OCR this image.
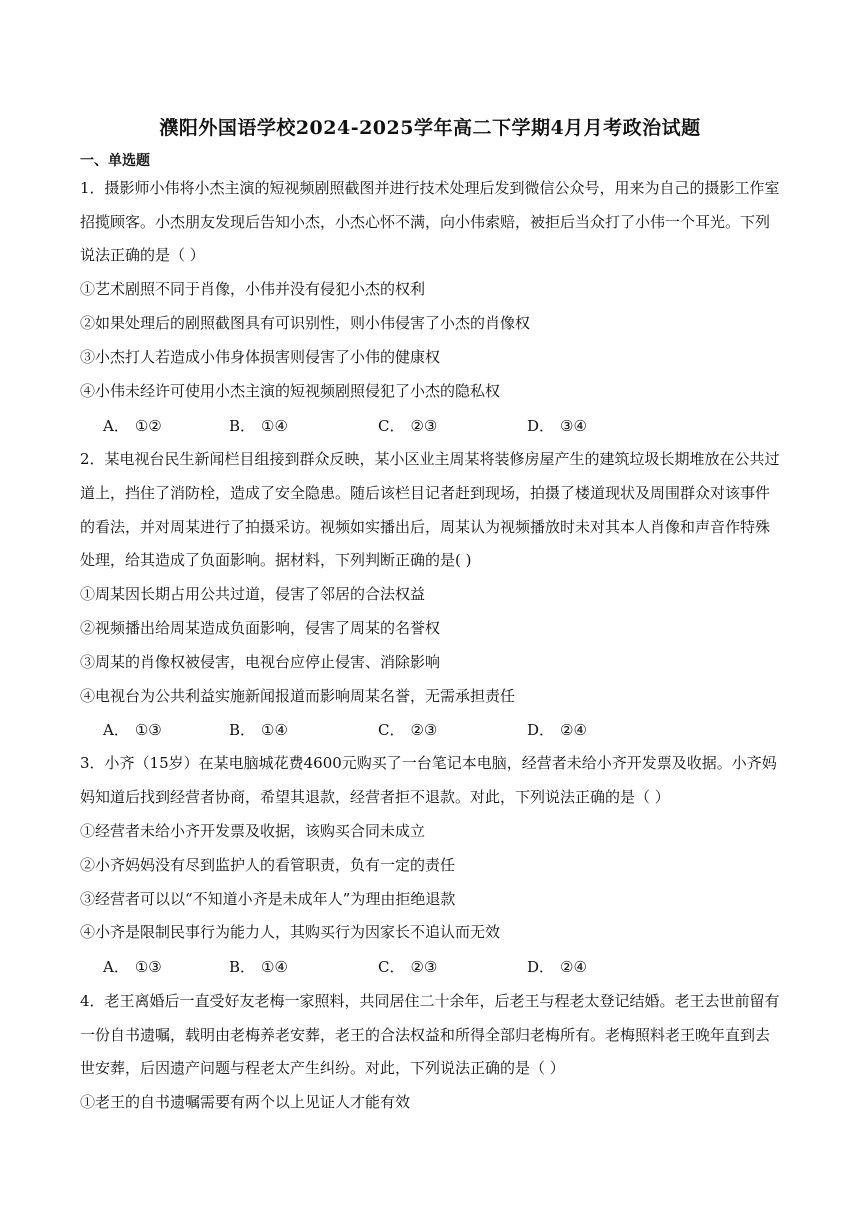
濮阳外国语学校2024-2025学年高二下学期4月月考政治试题
一、单选题
1．摄影师小伟将小杰主演的短视频剧照截图并进行技术处理后发到微信公众号，用来为自己的摄影工作室
招揽顾客。小杰朋友发现后告知小杰，小杰心怀不满，向小伟索赔，被拒后当众打了小伟一个耳光。下列
说法正确的是（ ）
①艺术剧照不同于肖像，小伟并没有侵犯小杰的权利
②如果处理后的剧照截图具有可识别性，则小伟侵害了小杰的肖像权
③小杰打人若造成小伟身体损害则侵害了小伟的健康权
④小伟未经许可使用小杰主演的短视频剧照侵犯了小杰的隐私权
A． ①②	B． ①④	C． ②③	D． ③④
2．某电视台民生新闻栏目组接到群众反映，某小区业主周某将装修房屋产生的建筑垃圾长期堆放在公共过
道上，挡住了消防栓，造成了安全隐患。随后该栏目记者赶到现场，拍摄了楼道现状及周围群众对该事件
的看法，并对周某进行了拍摄采访。视频如实播出后，周某认为视频播放时未对其本人肖像和声音作特殊
处理，给其造成了负面影响。据材料，下列判断正确的是( )
①周某因长期占用公共过道，侵害了邻居的合法权益
②视频播出给周某造成负面影响，侵害了周某的名誉权
③周某的肖像权被侵害，电视台应停止侵害、消除影响
④电视台为公共利益实施新闻报道而影响周某名誉，无需承担责任
A． ①③	B． ①④	C． ②③	D． ②④
3．小齐（15岁）在某电脑城花费4600元购买了一台笔记本电脑，经营者未给小齐开发票及收据。小齐妈
妈知道后找到经营者协商，希望其退款，经营者拒不退款。对此，下列说法正确的是（ ）
①经营者未给小齐开发票及收据，该购买合同未成立
②小齐妈妈没有尽到监护人的看管职责，负有一定的责任
③经营者可以以“不知道小齐是未成年人”为理由拒绝退款
④小齐是限制民事行为能力人，其购买行为因家长不追认而无效
A． ①③	B． ①④	C． ②③	D． ②④
4．老王离婚后一直受好友老梅一家照料，共同居住二十余年，后老王与程老太登记结婚。老王去世前留有
一份自书遗嘱，载明由老梅养老安葬，老王的合法权益和所得全部归老梅所有。老梅照料老王晚年直到去
世安葬，后因遗产问题与程老太产生纠纷。对此，下列说法正确的是（ ）
①老王的自书遗嘱需要有两个以上见证人才能有效
